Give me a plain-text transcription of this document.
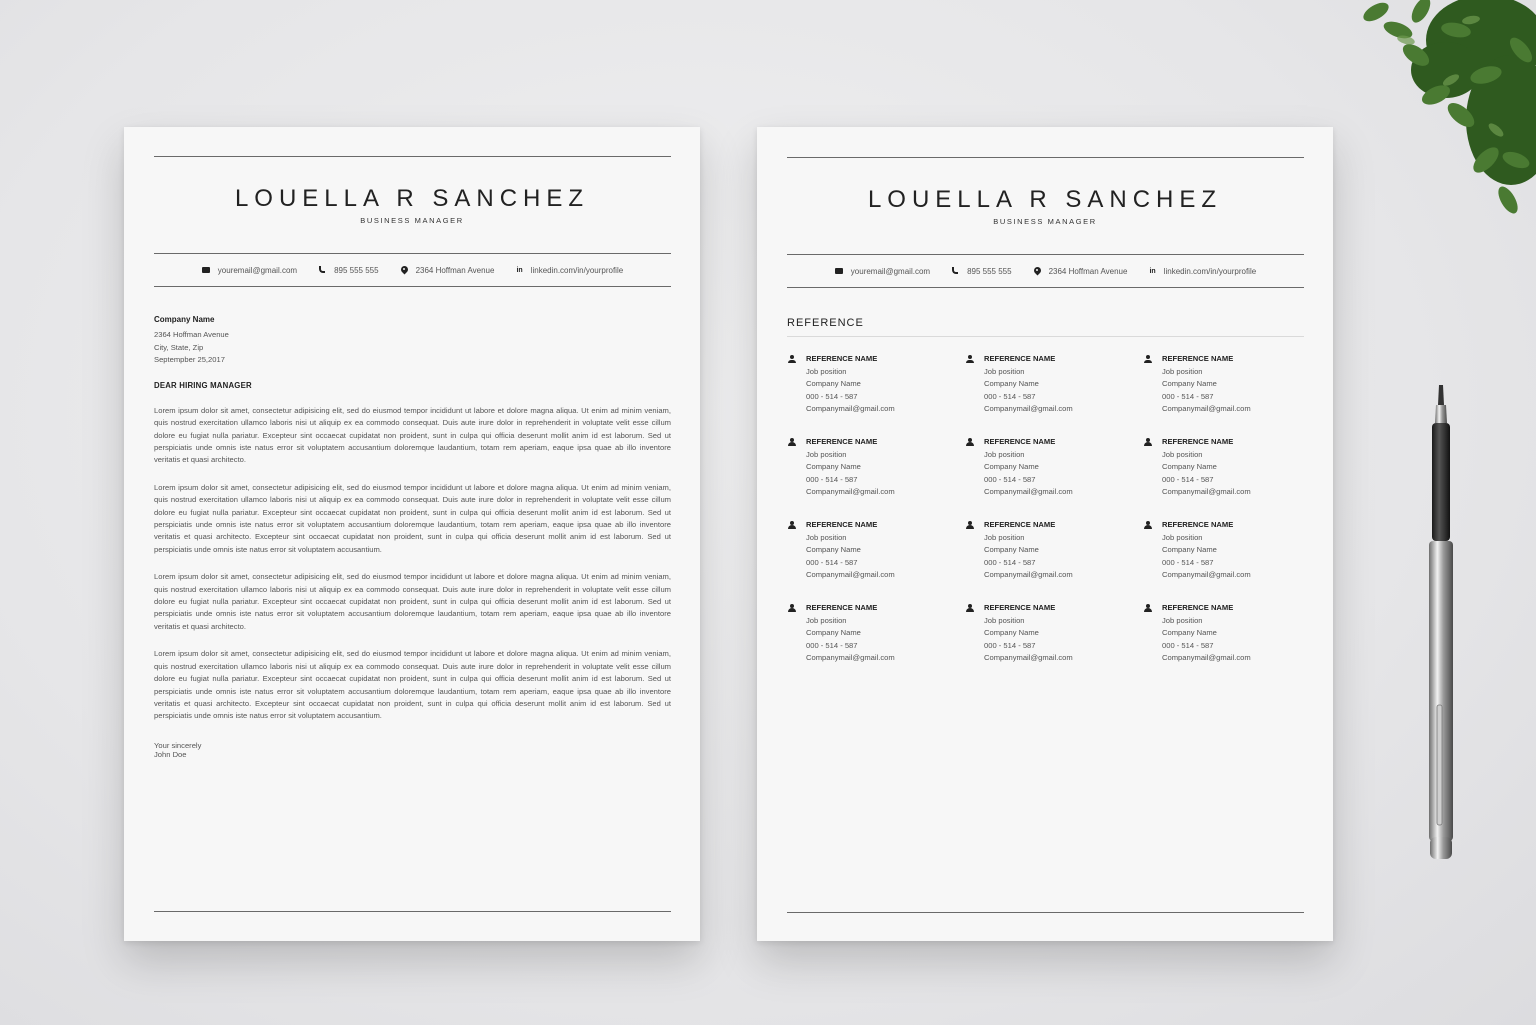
LOUELLA R SANCHEZ
BUSINESS MANAGER
youremail@gmail.com	895 555 555	2364 Hoffman Avenue	in linkedin.com/in/yourprofile
Company Name
2364 Hoffman Avenue
City, State, Zip
Septempber 25,2017
DEAR HIRING MANAGER
Lorem ipsum dolor sit amet, consectetur adipisicing elit, sed do eiusmod tempor incididunt ut labore et dolore magna aliqua. Ut enim ad minim veniam, quis nostrud exercitation ullamco laboris nisi ut aliquip ex ea commodo consequat. Duis aute irure dolor in reprehenderit in voluptate velit esse cillum dolore eu fugiat nulla pariatur. Excepteur sint occaecat cupidatat non proident, sunt in culpa qui officia deserunt mollit anim id est laborum. Sed ut perspiciatis unde omnis iste natus error sit voluptatem accusantium doloremque laudantium, totam rem aperiam, eaque ipsa quae ab illo inventore veritatis et quasi architecto.
Lorem ipsum dolor sit amet, consectetur adipisicing elit, sed do eiusmod tempor incididunt ut labore et dolore magna aliqua. Ut enim ad minim veniam, quis nostrud exercitation ullamco laboris nisi ut aliquip ex ea commodo consequat. Duis aute irure dolor in reprehenderit in voluptate velit esse cillum dolore eu fugiat nulla pariatur. Excepteur sint occaecat cupidatat non proident, sunt in culpa qui officia deserunt mollit anim id est laborum. Sed ut perspiciatis unde omnis iste natus error sit voluptatem accusantium doloremque laudantium, totam rem aperiam, eaque ipsa quae ab illo inventore veritatis et quasi architecto. Excepteur sint occaecat cupidatat non proident, sunt in culpa qui officia deserunt mollit anim id est laborum. Sed ut perspiciatis unde omnis iste natus error sit voluptatem accusantium.
Lorem ipsum dolor sit amet, consectetur adipisicing elit, sed do eiusmod tempor incididunt ut labore et dolore magna aliqua. Ut enim ad minim veniam, quis nostrud exercitation ullamco laboris nisi ut aliquip ex ea commodo consequat. Duis aute irure dolor in reprehenderit in voluptate velit esse cillum dolore eu fugiat nulla pariatur. Excepteur sint occaecat cupidatat non proident, sunt in culpa qui officia deserunt mollit anim id est laborum. Sed ut perspiciatis unde omnis iste natus error sit voluptatem accusantium doloremque laudantium, totam rem aperiam, eaque ipsa quae ab illo inventore veritatis et quasi architecto.
Lorem ipsum dolor sit amet, consectetur adipisicing elit, sed do eiusmod tempor incididunt ut labore et dolore magna aliqua. Ut enim ad minim veniam, quis nostrud exercitation ullamco laboris nisi ut aliquip ex ea commodo consequat. Duis aute irure dolor in reprehenderit in voluptate velit esse cillum dolore eu fugiat nulla pariatur. Excepteur sint occaecat cupidatat non proident, sunt in culpa qui officia deserunt mollit anim id est laborum. Sed ut perspiciatis unde omnis iste natus error sit voluptatem accusantium doloremque laudantium, totam rem aperiam, eaque ipsa quae ab illo inventore veritatis et quasi architecto. Excepteur sint occaecat cupidatat non proident, sunt in culpa qui officia deserunt mollit anim id est laborum. Sed ut perspiciatis unde omnis iste natus error sit voluptatem accusantium.
Your sincerely
John Doe
LOUELLA R SANCHEZ
BUSINESS MANAGER
youremail@gmail.com	895 555 555	2364 Hoffman Avenue	in linkedin.com/in/yourprofile
REFERENCE
REFERENCE NAME
Job position
Company Name
000 - 514 - 587
Companymail@gmail.com
REFERENCE NAME
Job position
Company Name
000 - 514 - 587
Companymail@gmail.com
REFERENCE NAME
Job position
Company Name
000 - 514 - 587
Companymail@gmail.com
REFERENCE NAME
Job position
Company Name
000 - 514 - 587
Companymail@gmail.com
REFERENCE NAME
Job position
Company Name
000 - 514 - 587
Companymail@gmail.com
REFERENCE NAME
Job position
Company Name
000 - 514 - 587
Companymail@gmail.com
REFERENCE NAME
Job position
Company Name
000 - 514 - 587
Companymail@gmail.com
REFERENCE NAME
Job position
Company Name
000 - 514 - 587
Companymail@gmail.com
REFERENCE NAME
Job position
Company Name
000 - 514 - 587
Companymail@gmail.com
REFERENCE NAME
Job position
Company Name
000 - 514 - 587
Companymail@gmail.com
REFERENCE NAME
Job position
Company Name
000 - 514 - 587
Companymail@gmail.com
REFERENCE NAME
Job position
Company Name
000 - 514 - 587
Companymail@gmail.com
